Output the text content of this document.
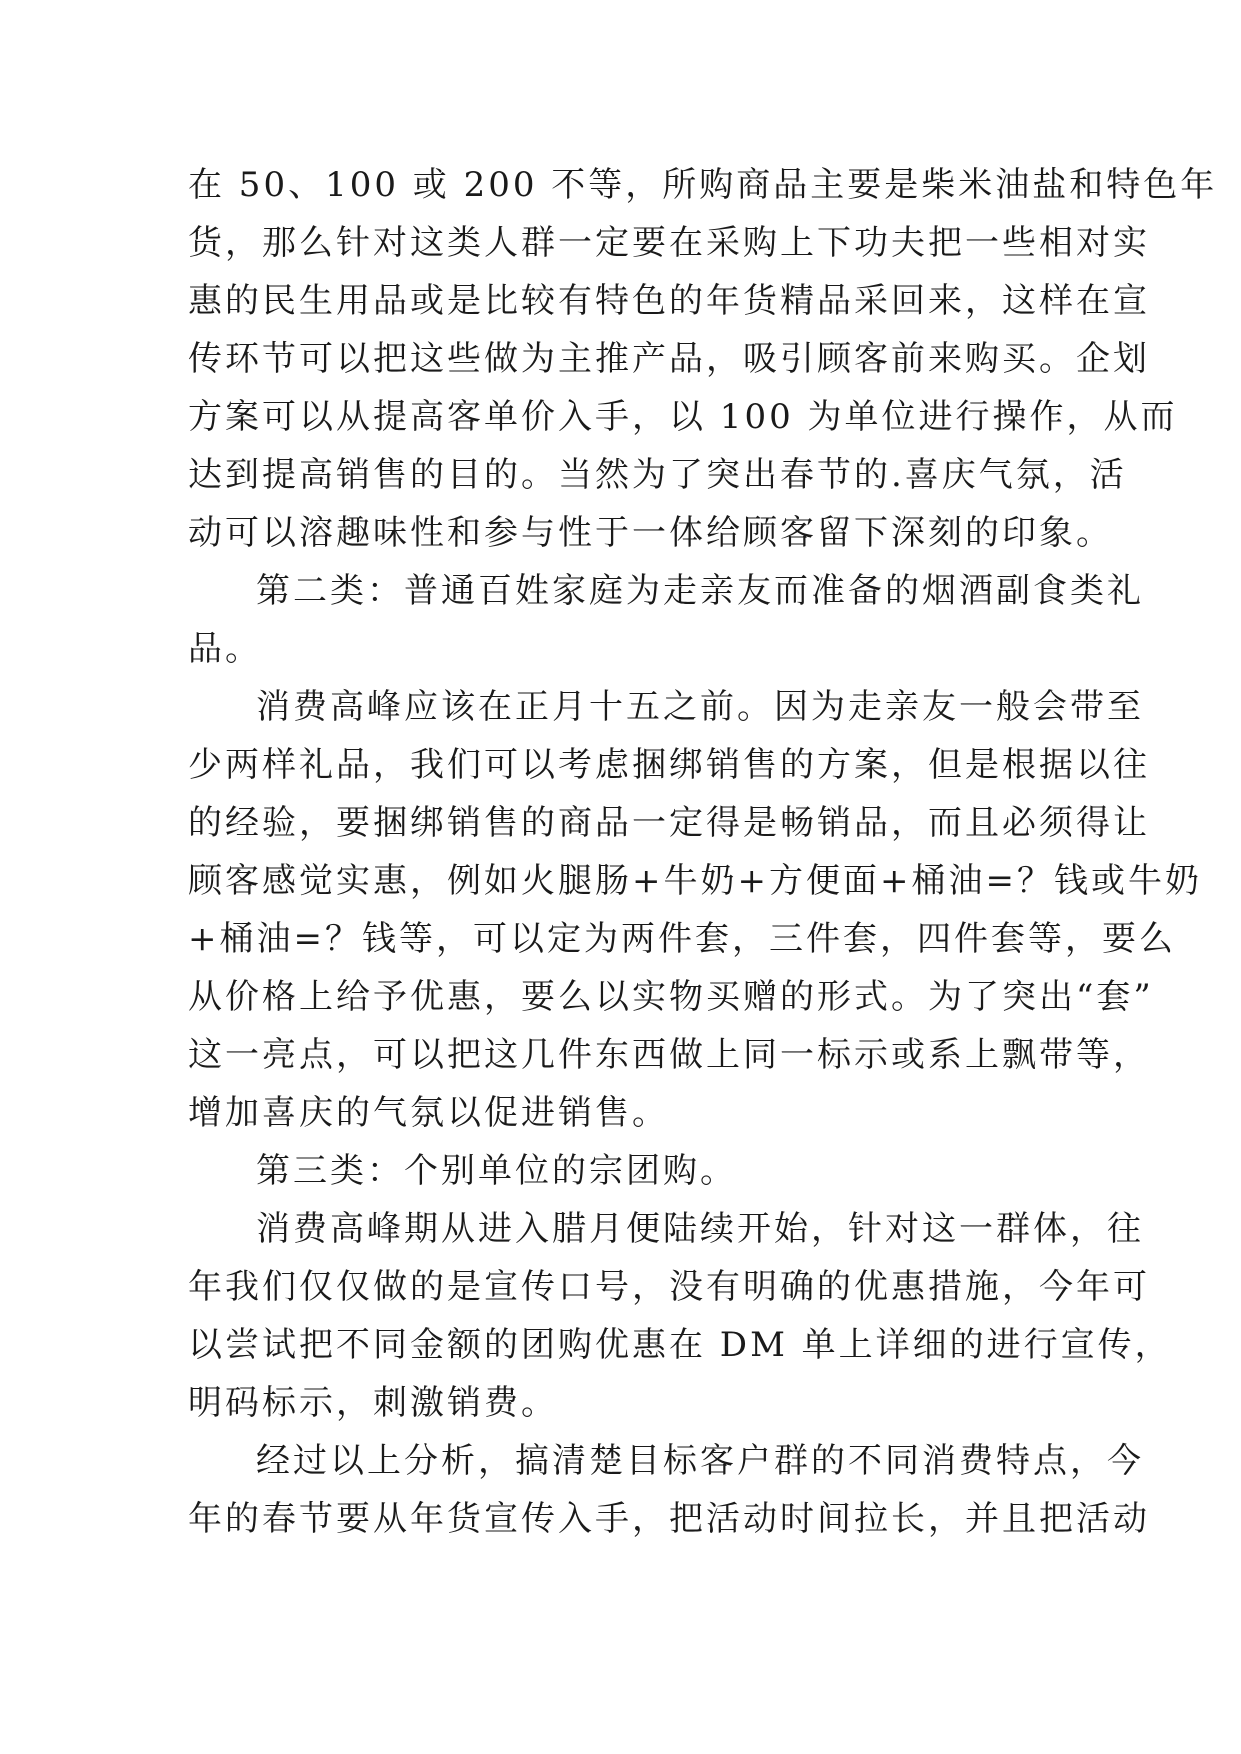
在 50、100 或 200 不等，所购商品主要是柴米油盐和特色年
货，那么针对这类人群一定要在采购上下功夫把一些相对实
惠的民生用品或是比较有特色的年货精品采回来，这样在宣
传环节可以把这些做为主推产品，吸引顾客前来购买。企划
方案可以从提高客单价入手，以 100 为单位进行操作，从而
达到提高销售的目的。当然为了突出春节的.喜庆气氛，活
动可以溶趣味性和参与性于一体给顾客留下深刻的印象。
第二类：普通百姓家庭为走亲友而准备的烟酒副食类礼
品。
消费高峰应该在正月十五之前。因为走亲友一般会带至
少两样礼品，我们可以考虑捆绑销售的方案，但是根据以往
的经验，要捆绑销售的商品一定得是畅销品，而且必须得让
顾客感觉实惠，例如火腿肠+牛奶+方便面+桶油=？钱或牛奶
+桶油=？钱等，可以定为两件套，三件套，四件套等，要么
从价格上给予优惠，要么以实物买赠的形式。为了突出“套”
这一亮点，可以把这几件东西做上同一标示或系上飘带等，
增加喜庆的气氛以促进销售。
第三类：个别单位的宗团购。
消费高峰期从进入腊月便陆续开始，针对这一群体，往
年我们仅仅做的是宣传口号，没有明确的优惠措施，今年可
以尝试把不同金额的团购优惠在 DM 单上详细的进行宣传，
明码标示，刺激销费。
经过以上分析，搞清楚目标客户群的不同消费特点，今
年的春节要从年货宣传入手，把活动时间拉长，并且把活动
